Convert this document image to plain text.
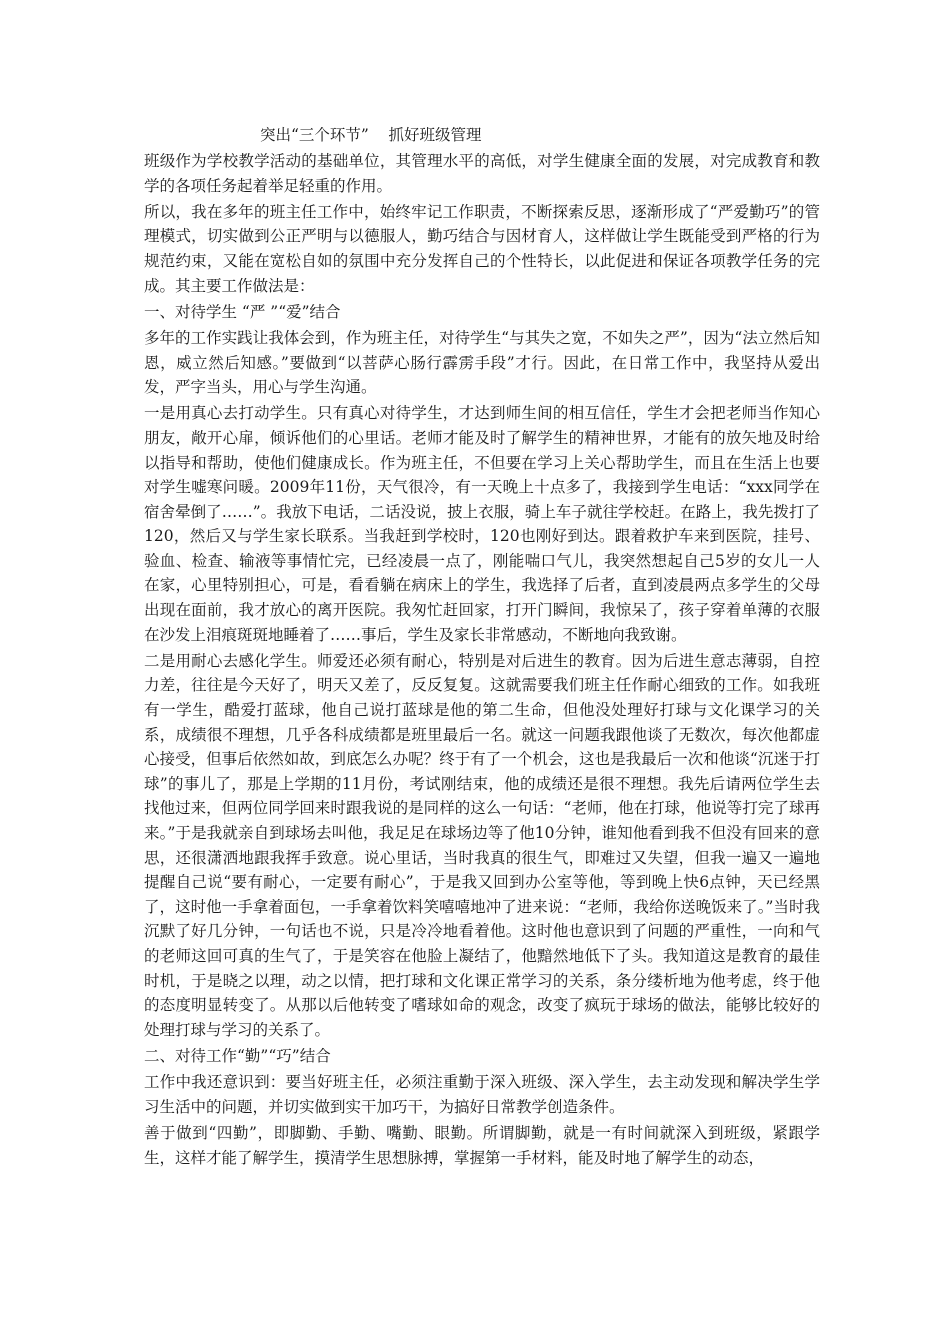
突出“三个环节”    抓好班级管理

班级作为学校教学活动的基础单位，其管理水平的高低，对学生健康全面的发展，对完成教育和教学的各项任务起着举足轻重的作用。

所以，我在多年的班主任工作中，始终牢记工作职责，不断探索反思，逐渐形成了“严爱勤巧”的管理模式，切实做到公正严明与以德服人，勤巧结合与因材育人，这样做让学生既能受到严格的行为规范约束，又能在宽松自如的氛围中充分发挥自己的个性特长，以此促进和保证各项教学任务的完成。其主要工作做法是：

一、对待学生 “严 ”“爱”结合

多年的工作实践让我体会到，作为班主任，对待学生“与其失之宽，不如失之严”，因为“法立然后知恩，威立然后知感。”要做到“以菩萨心肠行霹雳手段”才行。因此，在日常工作中，我坚持从爱出发，严字当头，用心与学生沟通。

一是用真心去打动学生。只有真心对待学生，才达到师生间的相互信任，学生才会把老师当作知心朋友，敞开心扉，倾诉他们的心里话。老师才能及时了解学生的精神世界，才能有的放矢地及时给以指导和帮助，使他们健康成长。作为班主任，不但要在学习上关心帮助学生，而且在生活上也要对学生嘘寒问暖。2009年11份，天气很冷，有一天晚上十点多了，我接到学生电话：“xxx同学在宿舍晕倒了……”。我放下电话，二话没说，披上衣服，骑上车子就往学校赶。在路上，我先拨打了120，然后又与学生家长联系。当我赶到学校时，120也刚好到达。跟着救护车来到医院，挂号、验血、检查、输液等事情忙完，已经凌晨一点了，刚能喘口气儿，我突然想起自己5岁的女儿一人在家，心里特别担心，可是，看看躺在病床上的学生，我选择了后者，直到凌晨两点多学生的父母出现在面前，我才放心的离开医院。我匆忙赶回家，打开门瞬间，我惊呆了，孩子穿着单薄的衣服在沙发上泪痕斑斑地睡着了……事后，学生及家长非常感动，不断地向我致谢。

二是用耐心去感化学生。师爱还必须有耐心，特别是对后进生的教育。因为后进生意志薄弱，自控力差，往往是今天好了，明天又差了，反反复复。这就需要我们班主任作耐心细致的工作。如我班有一学生，酷爱打蓝球，他自己说打蓝球是他的第二生命，但他没处理好打球与文化课学习的关系，成绩很不理想，几乎各科成绩都是班里最后一名。就这一问题我跟他谈了无数次，每次他都虚心接受，但事后依然如故，到底怎么办呢？终于有了一个机会，这也是我最后一次和他谈“沉迷于打球”的事儿了，那是上学期的11月份，考试刚结束，他的成绩还是很不理想。我先后请两位学生去找他过来，但两位同学回来时跟我说的是同样的这么一句话：“老师，他在打球，他说等打完了球再来。”于是我就亲自到球场去叫他，我足足在球场边等了他10分钟，谁知他看到我不但没有回来的意思，还很潇洒地跟我挥手致意。说心里话，当时我真的很生气，即难过又失望，但我一遍又一遍地提醒自己说“要有耐心，一定要有耐心”，于是我又回到办公室等他，等到晚上快6点钟，天已经黑了，这时他一手拿着面包，一手拿着饮料笑嘻嘻地冲了进来说：“老师，我给你送晚饭来了。”当时我沉默了好几分钟，一句话也不说，只是冷冷地看着他。这时他也意识到了问题的严重性，一向和气的老师这回可真的生气了，于是笑容在他脸上凝结了，他黯然地低下了头。我知道这是教育的最佳时机，于是晓之以理，动之以情，把打球和文化课正常学习的关系，条分缕析地为他考虑，终于他的态度明显转变了。从那以后他转变了嗜球如命的观念，改变了疯玩于球场的做法，能够比较好的处理打球与学习的关系了。

二、对待工作“勤”“巧”结合

工作中我还意识到：要当好班主任，必须注重勤于深入班级、深入学生，去主动发现和解决学生学习生活中的问题，并切实做到实干加巧干，为搞好日常教学创造条件。

善于做到“四勤”，即脚勤、手勤、嘴勤、眼勤。所谓脚勤，就是一有时间就深入到班级，紧跟学生，这样才能了解学生，摸清学生思想脉搏，掌握第一手材料，能及时地了解学生的动态，
